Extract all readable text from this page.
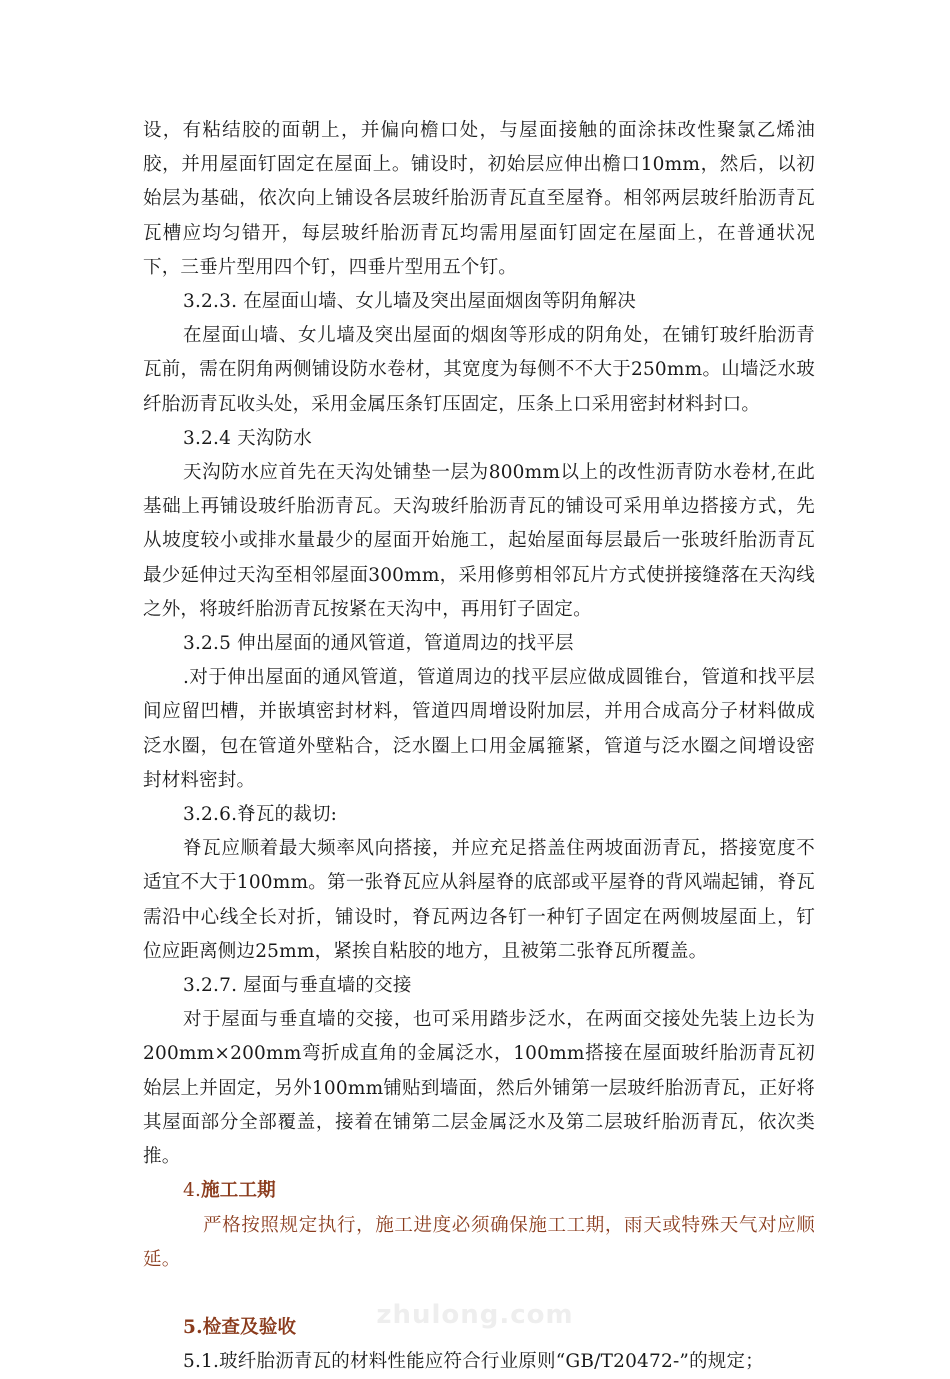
设，有粘结胶的面朝上，并偏向檐口处，与屋面接触的面涂抹改性聚氯乙烯油胶，并用屋面钉固定在屋面上。铺设时，初始层应伸出檐口10mm，然后，以初始层为基础，依次向上铺设各层玻纤胎沥青瓦直至屋脊。相邻两层玻纤胎沥青瓦瓦槽应均匀错开，每层玻纤胎沥青瓦均需用屋面钉固定在屋面上，在普通状况下，三垂片型用四个钉，四垂片型用五个钉。

3.2.3. 在屋面山墙、女儿墙及突出屋面烟囱等阴角解决

在屋面山墙、女儿墙及突出屋面的烟囱等形成的阴角处，在铺钉玻纤胎沥青瓦前，需在阴角两侧铺设防水卷材，其宽度为每侧不不大于250mm。山墙泛水玻纤胎沥青瓦收头处，采用金属压条钉压固定，压条上口采用密封材料封口。

3.2.4 天沟防水

天沟防水应首先在天沟处铺垫一层为800mm以上的改性沥青防水卷材,在此基础上再铺设玻纤胎沥青瓦。天沟玻纤胎沥青瓦的铺设可采用单边搭接方式，先从坡度较小或排水量最少的屋面开始施工，起始屋面每层最后一张玻纤胎沥青瓦最少延伸过天沟至相邻屋面300mm，采用修剪相邻瓦片方式使拼接缝落在天沟线之外，将玻纤胎沥青瓦按紧在天沟中，再用钉子固定。

3.2.5 伸出屋面的通风管道，管道周边的找平层

.对于伸出屋面的通风管道，管道周边的找平层应做成圆锥台，管道和找平层间应留凹槽，并嵌填密封材料，管道四周增设附加层，并用合成高分子材料做成泛水圈，包在管道外壁粘合，泛水圈上口用金属箍紧，管道与泛水圈之间增设密封材料密封。

3.2.6.脊瓦的裁切:

脊瓦应顺着最大频率风向搭接，并应充足搭盖住两坡面沥青瓦，搭接宽度不适宜不大于100mm。第一张脊瓦应从斜屋脊的底部或平屋脊的背风端起铺，脊瓦需沿中心线全长对折，铺设时，脊瓦两边各钉一种钉子固定在两侧坡屋面上，钉位应距离侧边25mm，紧挨自粘胶的地方，且被第二张脊瓦所覆盖。

3.2.7. 屋面与垂直墙的交接

对于屋面与垂直墙的交接，也可采用踏步泛水，在两面交接处先装上边长为200mm×200mm弯折成直角的金属泛水，100mm搭接在屋面玻纤胎沥青瓦初始层上并固定，另外100mm铺贴到墙面，然后外铺第一层玻纤胎沥青瓦，正好将其屋面部分全部覆盖，接着在铺第二层金属泛水及第二层玻纤胎沥青瓦，依次类推。

4.施工工期

严格按照规定执行，施工进度必须确保施工工期，雨天或特殊天气对应顺延。

5.检查及验收

5.1.玻纤胎沥青瓦的材料性能应符合行业原则“GB/T20472-”的规定；

zhulong.com
